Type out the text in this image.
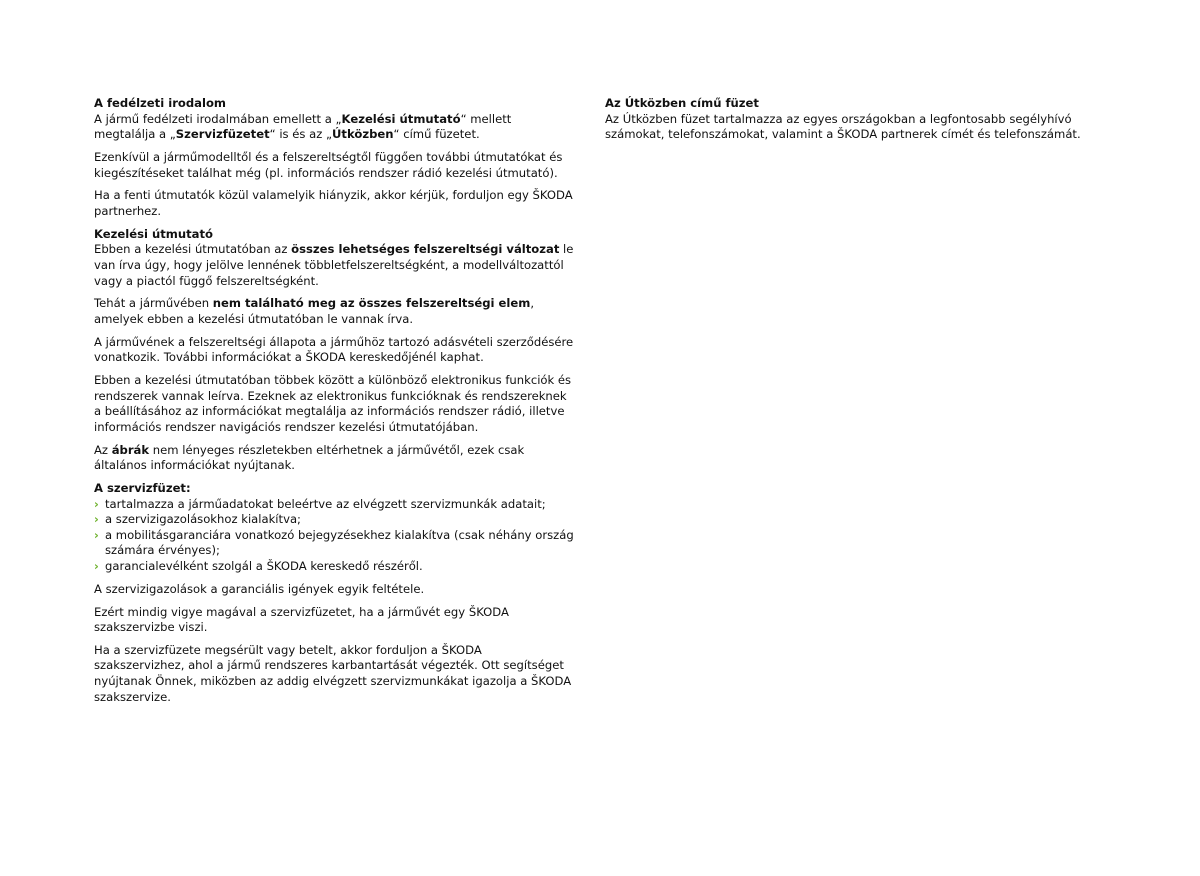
A fedélzeti irodalom

A jármű fedélzeti irodalmában emellett a „Kezelési útmutató“ mellett megtalálja a „Szervizfüzetet“ is és az „Útközben“ című füzetet.

Ezenkívül a járműmodelltől és a felszereltségtől függően további útmutatókat és kiegészítéseket találhat még (pl. információs rendszer rádió kezelési útmutató).

Ha a fenti útmutatók közül valamelyik hiányzik, akkor kérjük, forduljon egy ŠKODA partnerhez.

Kezelési útmutató

Ebben a kezelési útmutatóban az összes lehetséges felszereltségi változat le van írva úgy, hogy jelölve lennének többletfelszereltségként, a modellváltozattól vagy a piactól függő felszereltségként.

Tehát a járművében nem található meg az összes felszereltségi elem, amelyek ebben a kezelési útmutatóban le vannak írva.

A járművének a felszereltségi állapota a járműhöz tartozó adásvételi szerződésére vonatkozik. További információkat a ŠKODA kereskedőjénél kaphat.

Ebben a kezelési útmutatóban többek között a különböző elektronikus funkciók és rendszerek vannak leírva. Ezeknek az elektronikus funkcióknak és rendszereknek a beállításához az információkat megtalálja az információs rendszer rádió, illetve információs rendszer navigációs rendszer kezelési útmutatójában.

Az ábrák nem lényeges részletekben eltérhetnek a járművétől, ezek csak általános információkat nyújtanak.

A szervizfüzet:
› tartalmazza a járműadatokat beleértve az elvégzett szervizmunkák adatait;
› a szervizigazolásokhoz kialakítva;
› a mobilitásgaranciára vonatkozó bejegyzésekhez kialakítva (csak néhány ország számára érvényes);
› garancialevélként szolgál a ŠKODA kereskedő részéről.

A szervizigazolások a garanciális igények egyik feltétele.

Ezért mindig vigye magával a szervizfüzetet, ha a járművét egy ŠKODA szakszervizbe viszi.

Ha a szervizfüzete megsérült vagy betelt, akkor forduljon a ŠKODA szakszervizhez, ahol a jármű rendszeres karbantartását végezték. Ott segítséget nyújtanak Önnek, miközben az addig elvégzett szervizmunkákat igazolja a ŠKODA szakszervize.

Az Útközben című füzet

Az Útközben füzet tartalmazza az egyes országokban a legfontosabb segélyhívó számokat, telefonszámokat, valamint a ŠKODA partnerek címét és telefonszámát.
